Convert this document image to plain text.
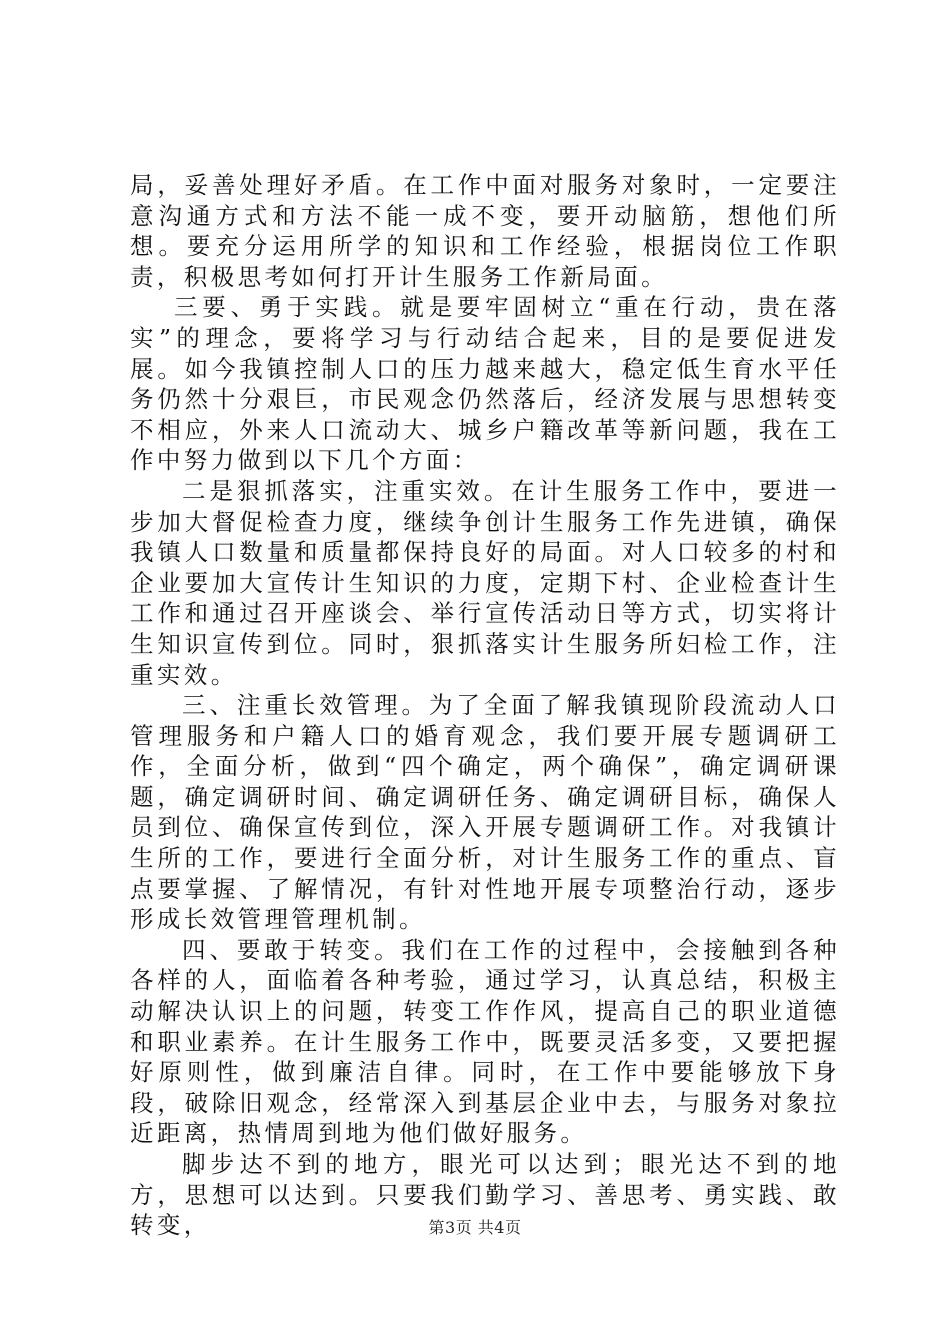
局，妥善处理好矛盾。在工作中面对服务对象时，一定要注意沟通方式和方法不能一成不变，要开动脑筋，想他们所想。要充分运用所学的知识和工作经验，根据岗位工作职责，积极思考如何打开计生服务工作新局面。

三要、勇于实践。就是要牢固树立“重在行动，贵在落实”的理念，要将学习与行动结合起来，目的是要促进发展。如今我镇控制人口的压力越来越大，稳定低生育水平任务仍然十分艰巨，市民观念仍然落后，经济发展与思想转变不相应，外来人口流动大、城乡户籍改革等新问题，我在工作中努力做到以下几个方面：

二是狠抓落实，注重实效。在计生服务工作中，要进一步加大督促检查力度，继续争创计生服务工作先进镇，确保我镇人口数量和质量都保持良好的局面。对人口较多的村和企业要加大宣传计生知识的力度，定期下村、企业检查计生工作和通过召开座谈会、举行宣传活动日等方式，切实将计生知识宣传到位。同时，狠抓落实计生服务所妇检工作，注重实效。

三、注重长效管理。为了全面了解我镇现阶段流动人口管理服务和户籍人口的婚育观念，我们要开展专题调研工作，全面分析，做到“四个确定，两个确保”，确定调研课题，确定调研时间、确定调研任务、确定调研目标，确保人员到位、确保宣传到位，深入开展专题调研工作。对我镇计生所的工作，要进行全面分析，对计生服务工作的重点、盲点要掌握、了解情况，有针对性地开展专项整治行动，逐步形成长效管理管理机制。

四、要敢于转变。我们在工作的过程中，会接触到各种各样的人，面临着各种考验，通过学习，认真总结，积极主动解决认识上的问题，转变工作作风，提高自己的职业道德和职业素养。在计生服务工作中，既要灵活多变，又要把握好原则性，做到廉洁自律。同时，在工作中要能够放下身段，破除旧观念，经常深入到基层企业中去，与服务对象拉近距离，热情周到地为他们做好服务。

脚步达不到的地方，眼光可以达到；眼光达不到的地方，思想可以达到。只要我们勤学习、善思考、勇实践、敢转变，	第3页 共4页
